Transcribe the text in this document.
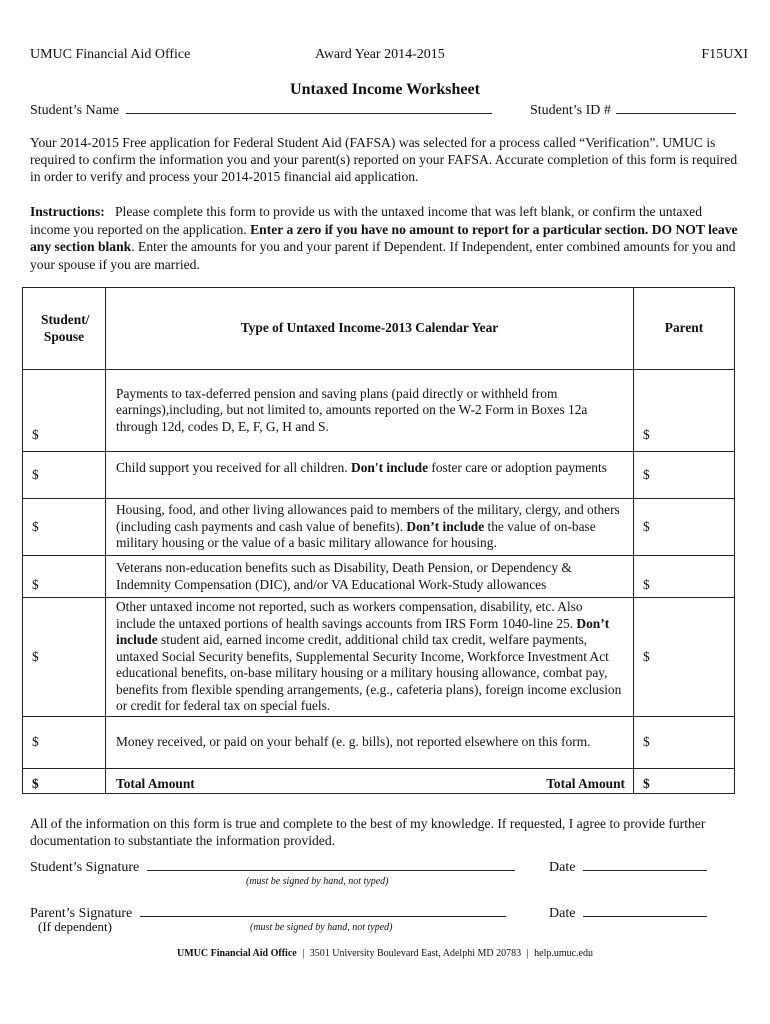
UMUC Financial Aid Office	Award Year 2014-2015	F15UXI
Untaxed Income Worksheet
Student’s Name	Student’s ID #
Your 2014-2015 Free application for Federal Student Aid (FAFSA) was selected for a process called “Verification”. UMUC is required to confirm the information you and your parent(s) reported on your FAFSA. Accurate completion of this form is required in order to verify and process your 2014-2015 financial aid application.
Instructions: Please complete this form to provide us with the untaxed income that was left blank, or confirm the untaxed income you reported on the application. Enter a zero if you have no amount to report for a particular section. DO NOT leave any section blank. Enter the amounts for you and your parent if Dependent. If Independent, enter combined amounts for you and your spouse if you are married.
Student/ Spouse	Type of Untaxed Income-2013 Calendar Year	Parent
$	Payments to tax-deferred pension and saving plans (paid directly or withheld from earnings),including, but not limited to, amounts reported on the W-2 Form in Boxes 12a through 12d, codes D, E, F, G, H and S.	$
$	Child support you received for all children. Don't include foster care or adoption payments	$
$	Housing, food, and other living allowances paid to members of the military, clergy, and others (including cash payments and cash value of benefits). Don’t include the value of on-base military housing or the value of a basic military allowance for housing.	$
$	Veterans non-education benefits such as Disability, Death Pension, or Dependency & Indemnity Compensation (DIC), and/or VA Educational Work-Study allowances	$
$	Other untaxed income not reported, such as workers compensation, disability, etc. Also include the untaxed portions of health savings accounts from IRS Form 1040-line 25. Don’t include student aid, earned income credit, additional child tax credit, welfare payments, untaxed Social Security benefits, Supplemental Security Income, Workforce Investment Act educational benefits, on-base military housing or a military housing allowance, combat pay, benefits from flexible spending arrangements, (e.g., cafeteria plans), foreign income exclusion or credit for federal tax on special fuels.	$
$	Money received, or paid on your behalf (e. g. bills), not reported elsewhere on this form.	$
$	Total Amount Total Amount	$
All of the information on this form is true and complete to the best of my knowledge. If requested, I agree to provide further documentation to substantiate the information provided.
Student’s Signature	Date
(must be signed by hand, not typed)
Parent’s Signature	Date
(If dependent)	(must be signed by hand, not typed)
UMUC Financial Aid Office | 3501 University Boulevard East, Adelphi MD 20783 | help.umuc.edu
